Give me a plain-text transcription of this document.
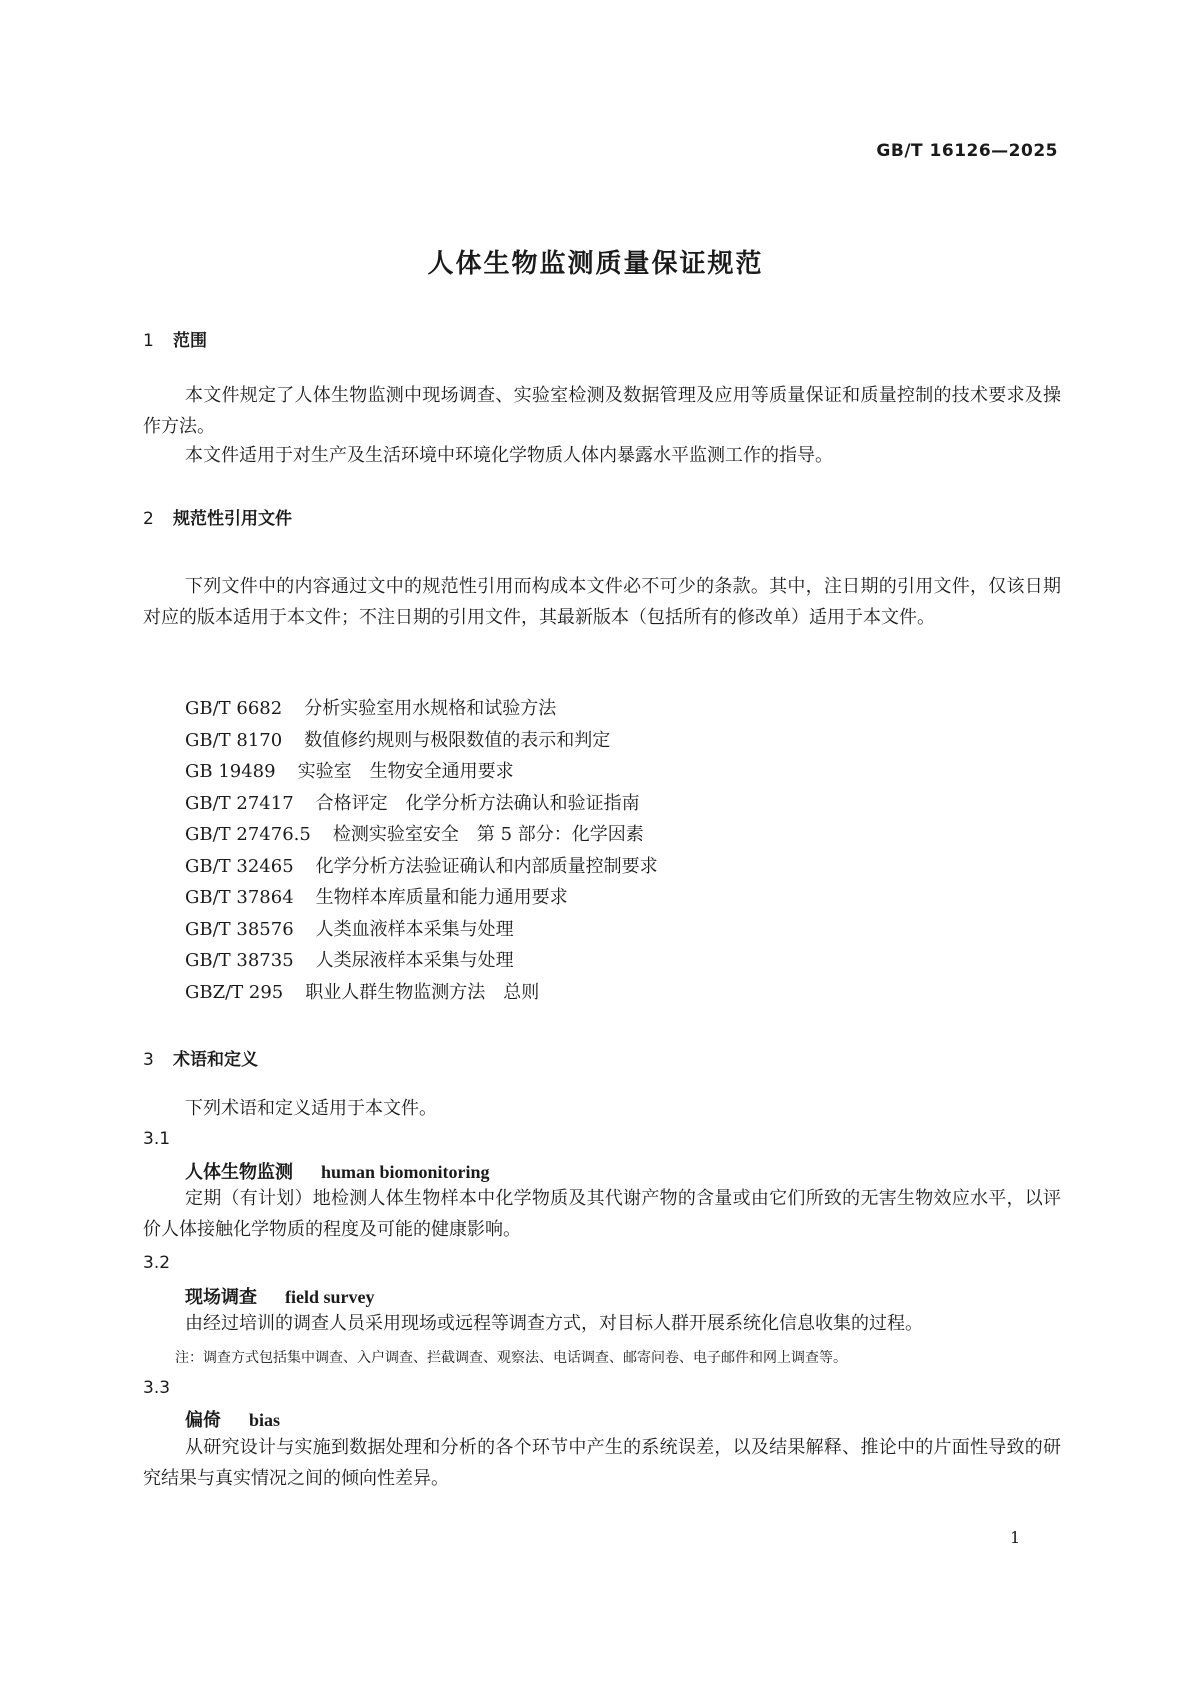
GB/T 16126—2025
人体生物监测质量保证规范
1 范围
本文件规定了人体生物监测中现场调查、实验室检测及数据管理及应用等质量保证和质量控制的技术要求及操作方法。
本文件适用于对生产及生活环境中环境化学物质人体内暴露水平监测工作的指导。
2 规范性引用文件
下列文件中的内容通过文中的规范性引用而构成本文件必不可少的条款。其中，注日期的引用文件，仅该日期对应的版本适用于本文件；不注日期的引用文件，其最新版本（包括所有的修改单）适用于本文件。
GB/T 6682 分析实验室用水规格和试验方法
GB/T 8170 数值修约规则与极限数值的表示和判定
GB 19489 实验室　生物安全通用要求
GB/T 27417 合格评定　化学分析方法确认和验证指南
GB/T 27476.5 检测实验室安全　第 5 部分：化学因素
GB/T 32465 化学分析方法验证确认和内部质量控制要求
GB/T 37864 生物样本库质量和能力通用要求
GB/T 38576 人类血液样本采集与处理
GB/T 38735 人类尿液样本采集与处理
GBZ/T 295 职业人群生物监测方法　总则
3 术语和定义
下列术语和定义适用于本文件。
3.1
人体生物监测 human biomonitoring
定期（有计划）地检测人体生物样本中化学物质及其代谢产物的含量或由它们所致的无害生物效应水平，以评价人体接触化学物质的程度及可能的健康影响。
3.2
现场调查 field survey
由经过培训的调查人员采用现场或远程等调查方式，对目标人群开展系统化信息收集的过程。
注：调查方式包括集中调查、入户调查、拦截调查、观察法、电话调查、邮寄问卷、电子邮件和网上调查等。
3.3
偏倚 bias
从研究设计与实施到数据处理和分析的各个环节中产生的系统误差，以及结果解释、推论中的片面性导致的研究结果与真实情况之间的倾向性差异。
1
